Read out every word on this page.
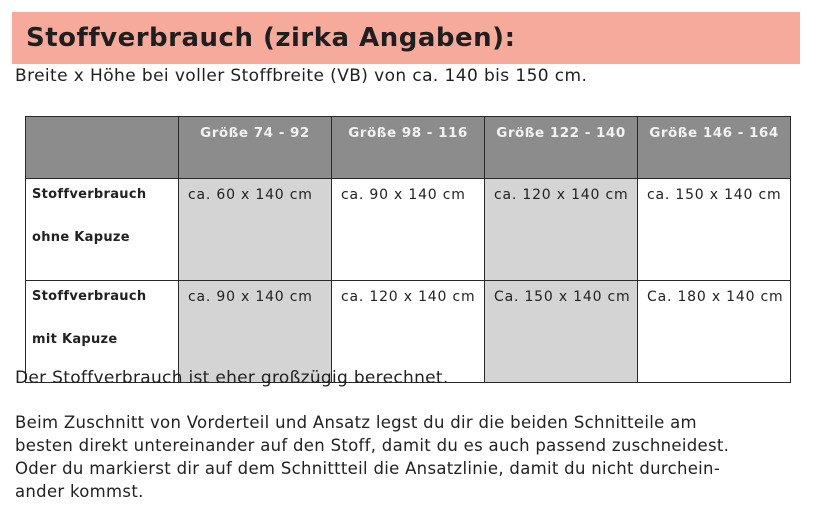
Stoffverbrauch (zirka Angaben):
Breite x Höhe bei voller Stoffbreite (VB) von ca. 140 bis 150 cm.
	Größe 74 - 92	Größe 98 - 116	Größe 122 - 140	Größe 146 - 164

Stoffverbrauch
ohne Kapuze	ca. 60 x 140 cm	ca. 90 x 140 cm	ca. 120 x 140 cm	ca. 150 x 140 cm

Stoffverbrauch
mit Kapuze	ca. 90 x 140 cm	ca. 120 x 140 cm	Ca. 150 x 140 cm	Ca. 180 x 140 cm
Der Stoffverbrauch ist eher großzügig berechnet.
Beim Zuschnitt von Vorderteil und Ansatz legst du dir die beiden Schnitteile am
besten direkt untereinander auf den Stoff, damit du es auch passend zuschneidest.
Oder du markierst dir auf dem Schnittteil die Ansatzlinie, damit du nicht durchein-
ander kommst.
